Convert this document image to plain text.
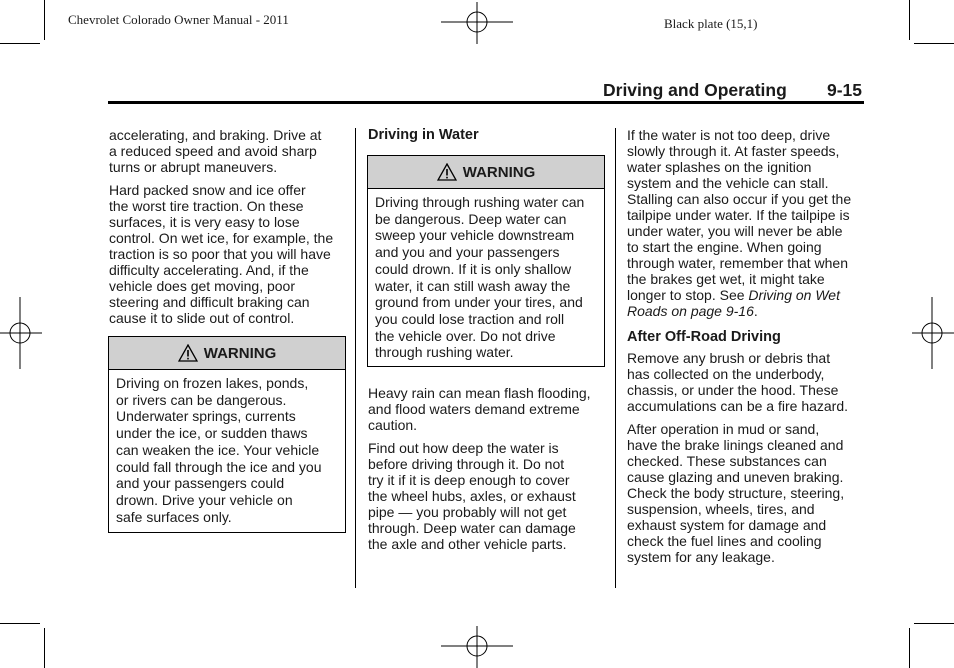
Chevrolet Colorado Owner Manual - 2011	Black plate (15,1)
Driving and Operating 9-15

accelerating, and braking. Drive at
a reduced speed and avoid sharp
turns or abrupt maneuvers.

Hard packed snow and ice offer
the worst tire traction. On these
surfaces, it is very easy to lose
control. On wet ice, for example, the
traction is so poor that you will have
difficulty accelerating. And, if the
vehicle does get moving, poor
steering and difficult braking can
cause it to slide out of control.

WARNING

Driving on frozen lakes, ponds,
or rivers can be dangerous.
Underwater springs, currents
under the ice, or sudden thaws
can weaken the ice. Your vehicle
could fall through the ice and you
and your passengers could
drown. Drive your vehicle on
safe surfaces only.

Driving in Water
WARNING

Driving through rushing water can
be dangerous. Deep water can
sweep your vehicle downstream
and you and your passengers
could drown. If it is only shallow
water, it can still wash away the
ground from under your tires, and
you could lose traction and roll
the vehicle over. Do not drive
through rushing water.

Heavy rain can mean flash flooding,
and flood waters demand extreme
caution.

Find out how deep the water is
before driving through it. Do not
try it if it is deep enough to cover
the wheel hubs, axles, or exhaust
pipe — you probably will not get
through. Deep water can damage
the axle and other vehicle parts.

If the water is not too deep, drive
slowly through it. At faster speeds,
water splashes on the ignition
system and the vehicle can stall.
Stalling can also occur if you get the
tailpipe under water. If the tailpipe is
under water, you will never be able
to start the engine. When going
through water, remember that when
the brakes get wet, it might take
longer to stop. See Driving on Wet
Roads on page 9-16.

After Off-Road Driving

Remove any brush or debris that
has collected on the underbody,
chassis, or under the hood. These
accumulations can be a fire hazard.

After operation in mud or sand,
have the brake linings cleaned and
checked. These substances can
cause glazing and uneven braking.
Check the body structure, steering,
suspension, wheels, tires, and
exhaust system for damage and
check the fuel lines and cooling
system for any leakage.
